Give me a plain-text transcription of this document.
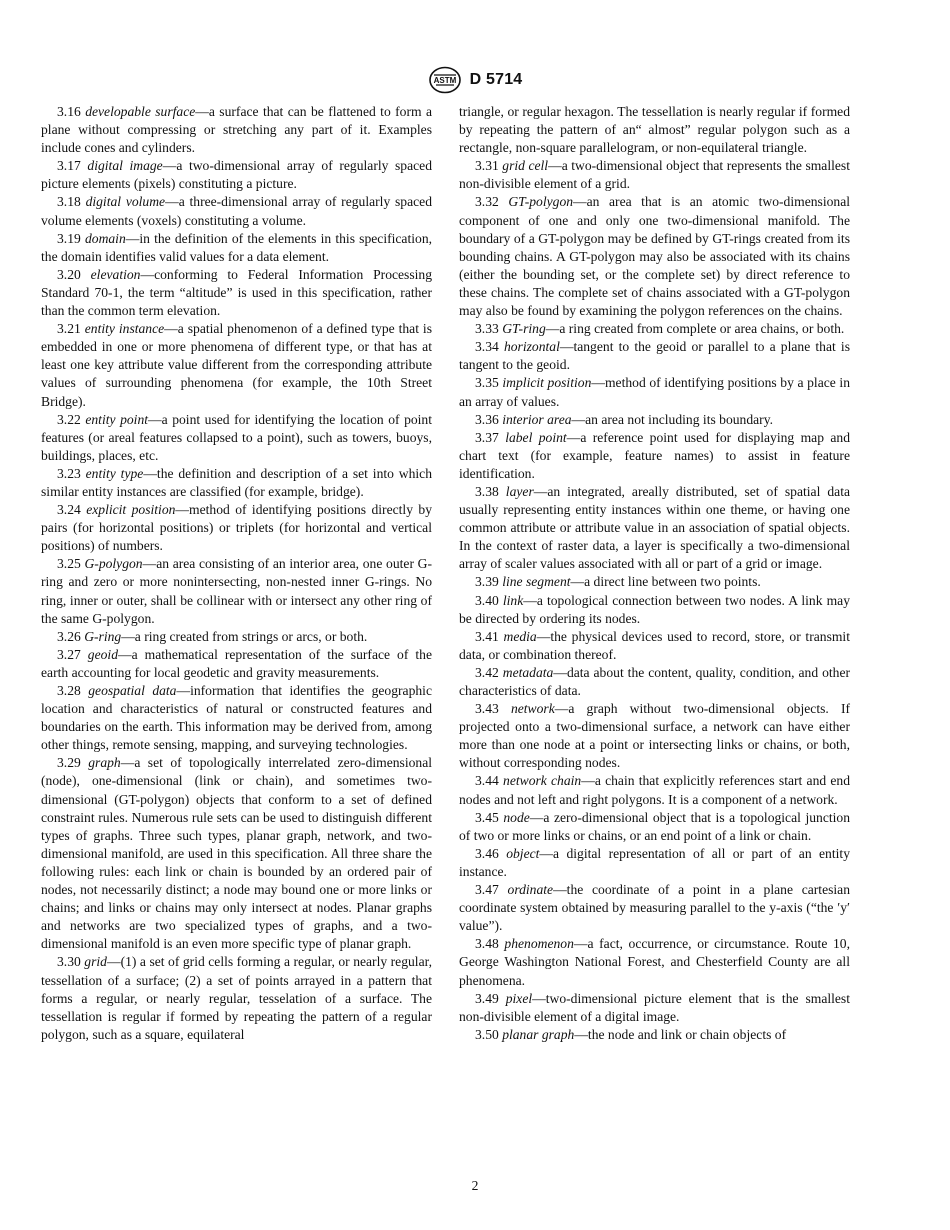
ASTM D 5714

3.16 developable surface—a surface that can be flattened to form a plane without compressing or stretching any part of it. Examples include cones and cylinders.

3.17 digital image—a two-dimensional array of regularly spaced picture elements (pixels) constituting a picture.

3.18 digital volume—a three-dimensional array of regularly spaced volume elements (voxels) constituting a volume.

3.19 domain—in the definition of the elements in this specification, the domain identifies valid values for a data element.

3.20 elevation—conforming to Federal Information Processing Standard 70-1, the term “altitude” is used in this specification, rather than the common term elevation.

3.21 entity instance—a spatial phenomenon of a defined type that is embedded in one or more phenomena of different type, or that has at least one key attribute value different from the corresponding attribute values of surrounding phenomena (for example, the 10th Street Bridge).

3.22 entity point—a point used for identifying the location of point features (or areal features collapsed to a point), such as towers, buoys, buildings, places, etc.

3.23 entity type—the definition and description of a set into which similar entity instances are classified (for example, bridge).

3.24 explicit position—method of identifying positions directly by pairs (for horizontal positions) or triplets (for horizontal and vertical positions) of numbers.

3.25 G-polygon—an area consisting of an interior area, one outer G-ring and zero or more nonintersecting, non-nested inner G-rings. No ring, inner or outer, shall be collinear with or intersect any other ring of the same G-polygon.

3.26 G-ring—a ring created from strings or arcs, or both.

3.27 geoid—a mathematical representation of the surface of the earth accounting for local geodetic and gravity measurements.

3.28 geospatial data—information that identifies the geographic location and characteristics of natural or constructed features and boundaries on the earth. This information may be derived from, among other things, remote sensing, mapping, and surveying technologies.

3.29 graph—a set of topologically interrelated zero-dimensional (node), one-dimensional (link or chain), and sometimes two-dimensional (GT-polygon) objects that conform to a set of defined constraint rules. Numerous rule sets can be used to distinguish different types of graphs. Three such types, planar graph, network, and two-dimensional manifold, are used in this specification. All three share the following rules: each link or chain is bounded by an ordered pair of nodes, not necessarily distinct; a node may bound one or more links or chains; and links or chains may only intersect at nodes. Planar graphs and networks are two specialized types of graphs, and a two-dimensional manifold is an even more specific type of planar graph.

3.30 grid—(1) a set of grid cells forming a regular, or nearly regular, tessellation of a surface; (2) a set of points arrayed in a pattern that forms a regular, or nearly regular, tesselation of a surface. The tessellation is regular if formed by repeating the pattern of a regular polygon, such as a square, equilateral

triangle, or regular hexagon. The tessellation is nearly regular if formed by repeating the pattern of an“ almost” regular polygon such as a rectangle, non-square parallelogram, or non-equilateral triangle.

3.31 grid cell—a two-dimensional object that represents the smallest non-divisible element of a grid.

3.32 GT-polygon—an area that is an atomic two-dimensional component of one and only one two-dimensional manifold. The boundary of a GT-polygon may be defined by GT-rings created from its bounding chains. A GT-polygon may also be associated with its chains (either the bounding set, or the complete set) by direct reference to these chains. The complete set of chains associated with a GT-polygon may also be found by examining the polygon references on the chains.

3.33 GT-ring—a ring created from complete or area chains, or both.

3.34 horizontal—tangent to the geoid or parallel to a plane that is tangent to the geoid.

3.35 implicit position—method of identifying positions by a place in an array of values.

3.36 interior area—an area not including its boundary.

3.37 label point—a reference point used for displaying map and chart text (for example, feature names) to assist in feature identification.

3.38 layer—an integrated, areally distributed, set of spatial data usually representing entity instances within one theme, or having one common attribute or attribute value in an association of spatial objects. In the context of raster data, a layer is specifically a two-dimensional array of scaler values associated with all or part of a grid or image.

3.39 line segment—a direct line between two points.

3.40 link—a topological connection between two nodes. A link may be directed by ordering its nodes.

3.41 media—the physical devices used to record, store, or transmit data, or combination thereof.

3.42 metadata—data about the content, quality, condition, and other characteristics of data.

3.43 network—a graph without two-dimensional objects. If projected onto a two-dimensional surface, a network can have either more than one node at a point or intersecting links or chains, or both, without corresponding nodes.

3.44 network chain—a chain that explicitly references start and end nodes and not left and right polygons. It is a component of a network.

3.45 node—a zero-dimensional object that is a topological junction of two or more links or chains, or an end point of a link or chain.

3.46 object—a digital representation of all or part of an entity instance.

3.47 ordinate—the coordinate of a point in a plane cartesian coordinate system obtained by measuring parallel to the y-axis (“the ′y′ value”).

3.48 phenomenon—a fact, occurrence, or circumstance. Route 10, George Washington National Forest, and Chesterfield County are all phenomena.

3.49 pixel—two-dimensional picture element that is the smallest non-divisible element of a digital image.

3.50 planar graph—the node and link or chain objects of

2
